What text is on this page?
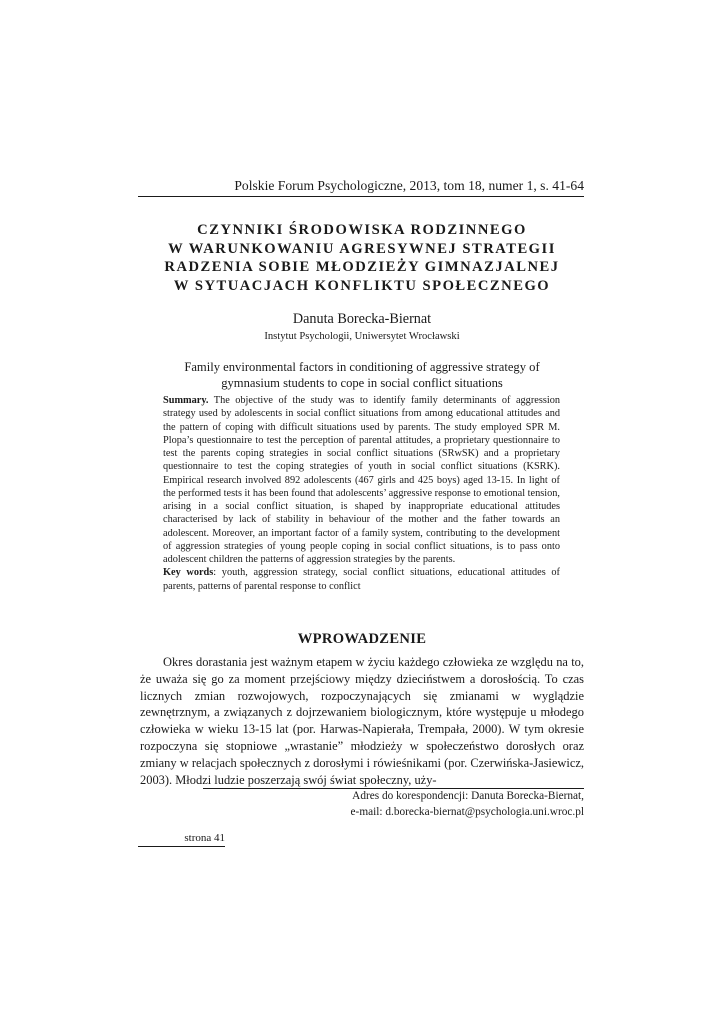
Polskie Forum Psychologiczne, 2013, tom 18, numer 1, s. 41-64
CZYNNIKI ŚRODOWISKA RODZINNEGO
W WARUNKOWANIU AGRESYWNEJ STRATEGII
RADZENIA SOBIE MŁODZIEŻY GIMNAZJALNEJ
W SYTUACJACH KONFLIKTU SPOŁECZNEGO
Danuta Borecka-Biernat
Instytut Psychologii, Uniwersytet Wrocławski
Family environmental factors in conditioning of aggressive strategy of gymnasium students to cope in social conflict situations

Summary. The objective of the study was to identify family determinants of aggression strategy used by adolescents in social conflict situations from among educational attitudes and the pattern of coping with difficult situations used by parents. The study employed SPR M. Plopa’s questionnaire to test the perception of parental attitudes, a proprietary questionnaire to test the parents coping strategies in social conflict situations (SRwSK) and a proprietary questionnaire to test the coping strategies of youth in social conflict situations (KSRK). Empirical research involved 892 adolescents (467 girls and 425 boys) aged 13-15. In light of the performed tests it has been found that adolescents’ aggressive response to emotional tension, arising in a social conflict situation, is shaped by inappropriate educational attitudes characterised by lack of stability in behaviour of the mother and the father towards an adolescent. Moreover, an important factor of a family system, contributing to the development of aggression strategies of young people coping in social conflict situations, is to pass onto adolescent children the patterns of aggression strategies by the parents.

Key words: youth, aggression strategy, social conflict situations, educational attitudes of parents, patterns of parental response to conflict

WPROWADZENIE

Okres dorastania jest ważnym etapem w życiu każdego człowieka ze względu na to, że uważa się go za moment przejściowy między dzieciństwem a dorosłością. To czas licznych zmian rozwojowych, rozpoczynających się zmianami w wyglądzie zewnętrznym, a związanych z dojrzewaniem biologicznym, które występuje u młodego człowieka w wieku 13-15 lat (por. Harwas-Napierała, Trempała, 2000). W tym okresie rozpoczyna się stopniowe „wrastanie” młodzieży w społeczeństwo dorosłych oraz zmiany w relacjach społecznych z dorosłymi i rówieśnikami (por. Czerwińska-Jasiewicz, 2003). Młodzi ludzie poszerzają swój świat społeczny, uży-

Adres do korespondencji: Danuta Borecka-Biernat,
e-mail: d.borecka-biernat@psychologia.uni.wroc.pl
strona 41
